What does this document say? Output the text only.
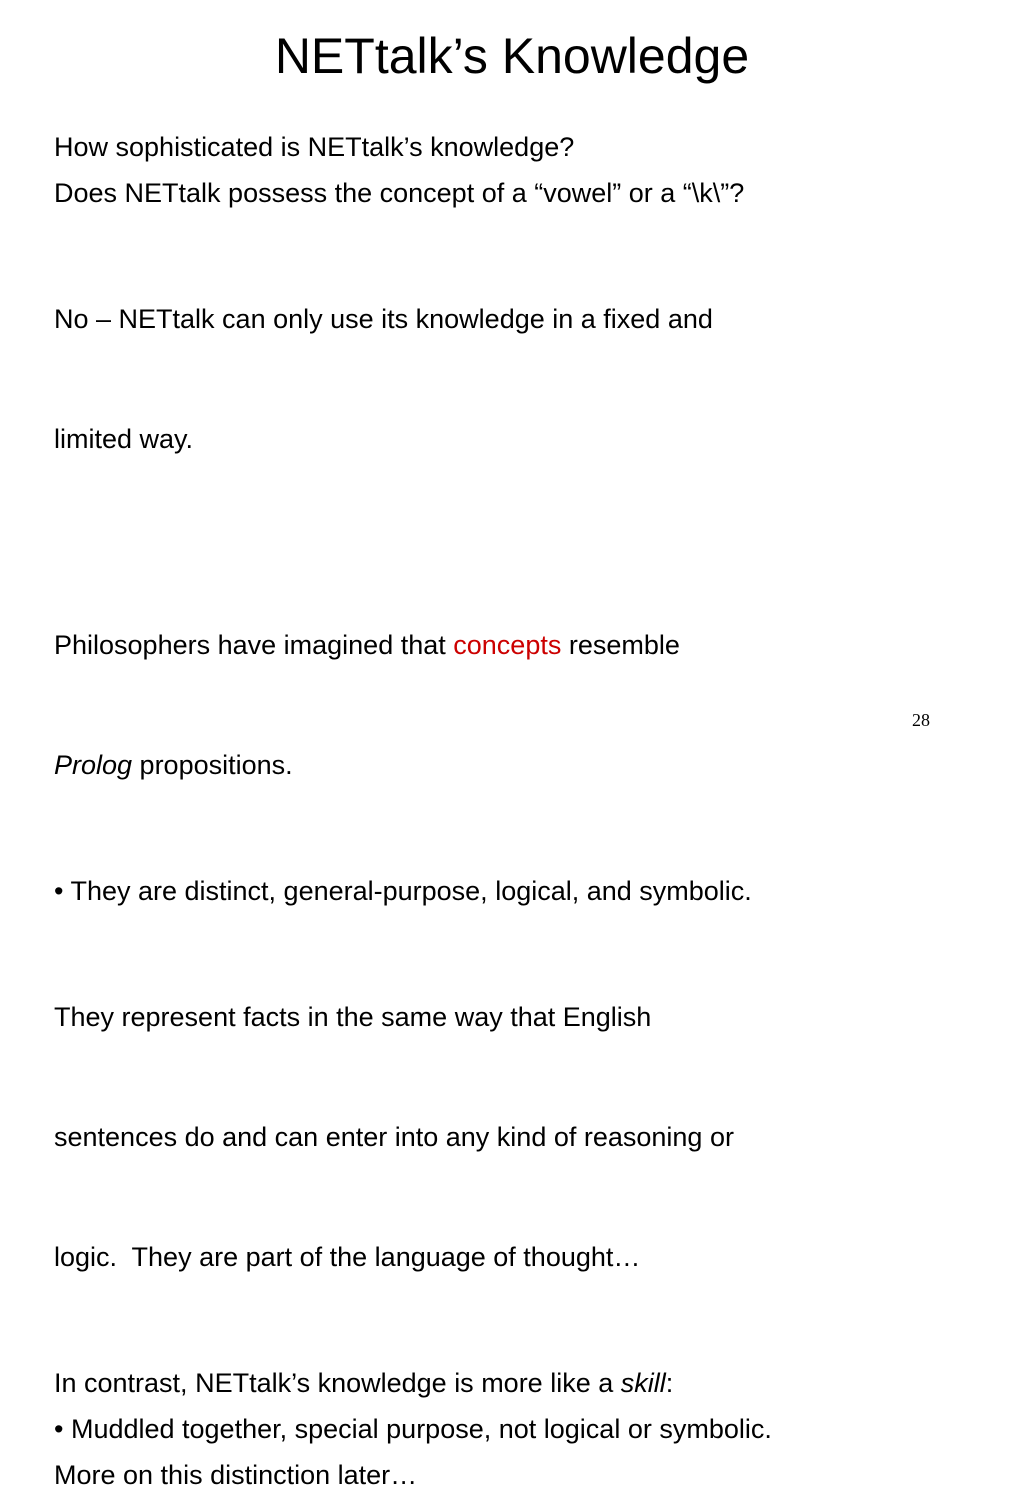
NETtalk’s Knowledge
How sophisticated is NETtalk’s knowledge?
Does NETtalk possess the concept of a “vowel” or a “\k\”?

No – NETtalk can only use its knowledge in a fixed and

limited way.

Philosophers have imagined that concepts resemble

Prolog propositions.

• They are distinct, general-purpose, logical, and symbolic.

They represent facts in the same way that English

sentences do and can enter into any kind of reasoning or

logic.  They are part of the language of thought…

In contrast, NETtalk’s knowledge is more like a skill:
• Muddled together, special purpose, not logical or symbolic.
More on this distinction later…
28
